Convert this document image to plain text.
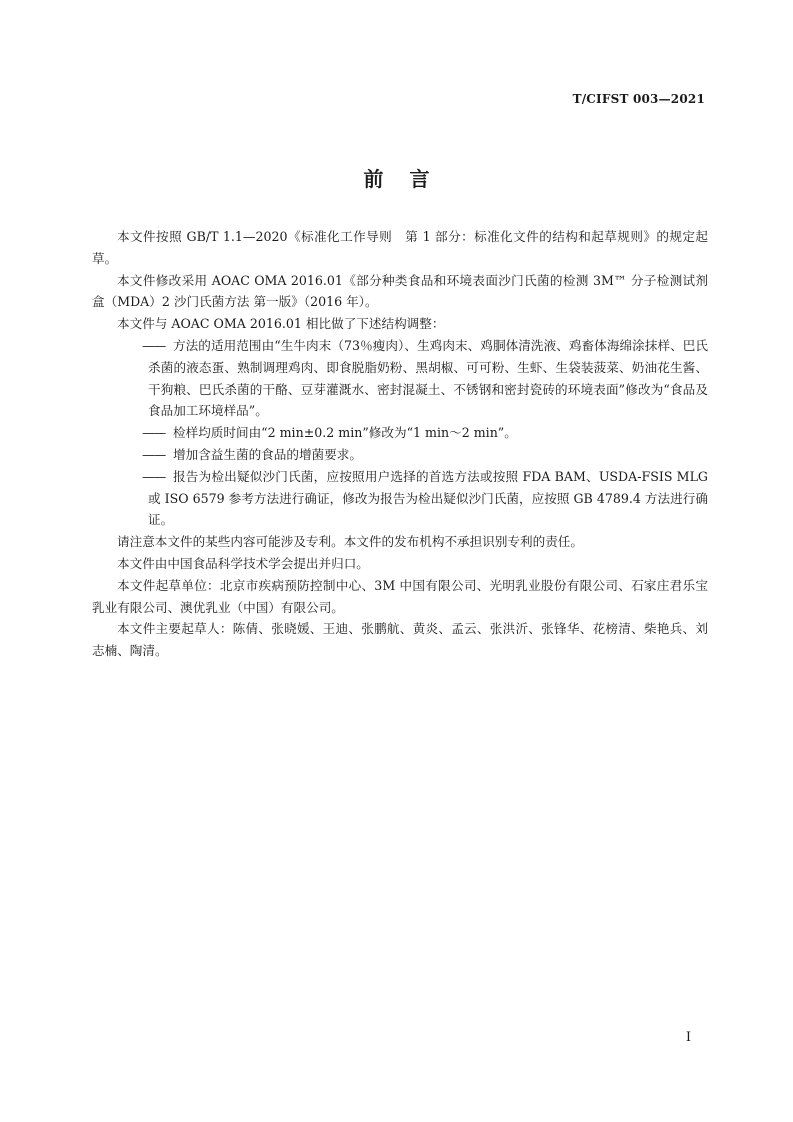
T/CIFST 003—2021
前言

本文件按照 GB/T 1.1—2020《标准化工作导则　第 1 部分：标准化文件的结构和起草规则》的规定起草。

本文件修改采用 AOAC OMA 2016.01《部分种类食品和环境表面沙门氏菌的检测 3M™ 分子检测试剂盒（MDA）2 沙门氏菌方法 第一版》（2016 年）。

本文件与 AOAC OMA 2016.01 相比做了下述结构调整：

—— 方法的适用范围由“生牛肉末（73％瘦肉）、生鸡肉末、鸡胴体清洗液、鸡畜体海绵涂抹样、巴氏杀菌的液态蛋、熟制调理鸡肉、即食脱脂奶粉、黑胡椒、可可粉、生虾、生袋装菠菜、奶油花生酱、干狗粮、巴氏杀菌的干酪、豆芽灌溉水、密封混凝土、不锈钢和密封瓷砖的环境表面”修改为“食品及食品加工环境样品”。

—— 检样均质时间由“2 min±0.2 min”修改为“1 min～2 min”。

—— 增加含益生菌的食品的增菌要求。

—— 报告为检出疑似沙门氏菌，应按照用户选择的首选方法或按照 FDA BAM、USDA-FSIS MLG 或 ISO 6579 参考方法进行确证，修改为报告为检出疑似沙门氏菌，应按照 GB 4789.4 方法进行确证。

请注意本文件的某些内容可能涉及专利。本文件的发布机构不承担识别专利的责任。

本文件由中国食品科学技术学会提出并归口。

本文件起草单位：北京市疾病预防控制中心、3M 中国有限公司、光明乳业股份有限公司、石家庄君乐宝乳业有限公司、澳优乳业（中国）有限公司。

本文件主要起草人：陈倩、张晓媛、王迪、张鹏航、黄炎、孟云、张洪沂、张锋华、花榜清、柴艳兵、刘志楠、陶清。

I
